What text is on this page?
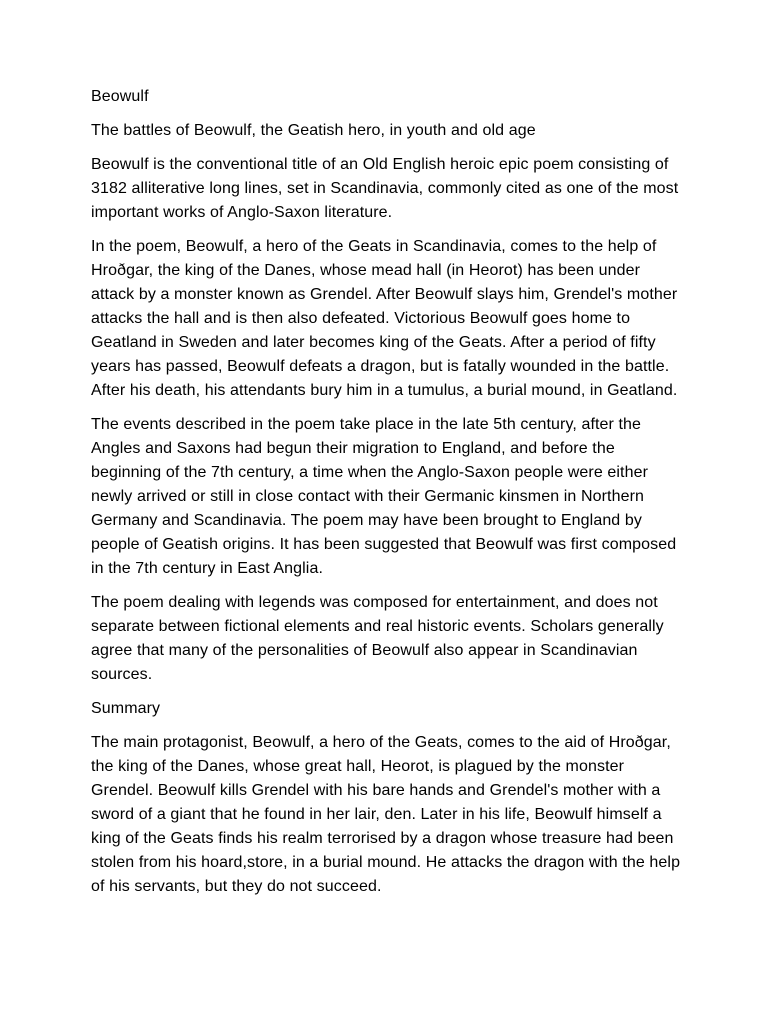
Beowulf

The battles of Beowulf, the Geatish hero, in youth and old age

Beowulf is the conventional title of an Old English heroic epic poem consisting of 3182 alliterative long lines, set in Scandinavia, commonly cited as one of the most important works of Anglo-Saxon literature.

In the poem, Beowulf, a hero of the Geats in Scandinavia, comes to the help of Hroðgar, the king of the Danes, whose mead hall (in Heorot) has been under attack by a monster known as Grendel. After Beowulf slays him, Grendel's mother attacks the hall and is then also defeated. Victorious Beowulf goes home to Geatland in Sweden and later becomes king of the Geats. After a period of fifty years has passed, Beowulf defeats a dragon, but is fatally wounded in the battle. After his death, his attendants bury him in a tumulus, a burial mound, in Geatland.

The events described in the poem take place in the late 5th century, after the Angles and Saxons had begun their migration to England, and before the beginning of the 7th century, a time when the Anglo-Saxon people were either newly arrived or still in close contact with their Germanic kinsmen in Northern Germany and Scandinavia. The poem may have been brought to England by people of Geatish origins. It has been suggested that Beowulf was first composed in the 7th century in East Anglia.

The poem dealing with legends was composed for entertainment, and does not separate between fictional elements and real historic events. Scholars generally agree that many of the personalities of Beowulf also appear in Scandinavian sources.

Summary

The main protagonist, Beowulf, a hero of the Geats, comes to the aid of Hroðgar, the king of the Danes, whose great hall, Heorot, is plagued by the monster Grendel. Beowulf kills Grendel with his bare hands and Grendel's mother with a sword of a giant that he found in her lair, den. Later in his life, Beowulf himself a king of the Geats finds his realm terrorised by a dragon whose treasure had been stolen from his hoard,store, in a burial mound. He attacks the dragon with the help of his servants, but they do not succeed.
